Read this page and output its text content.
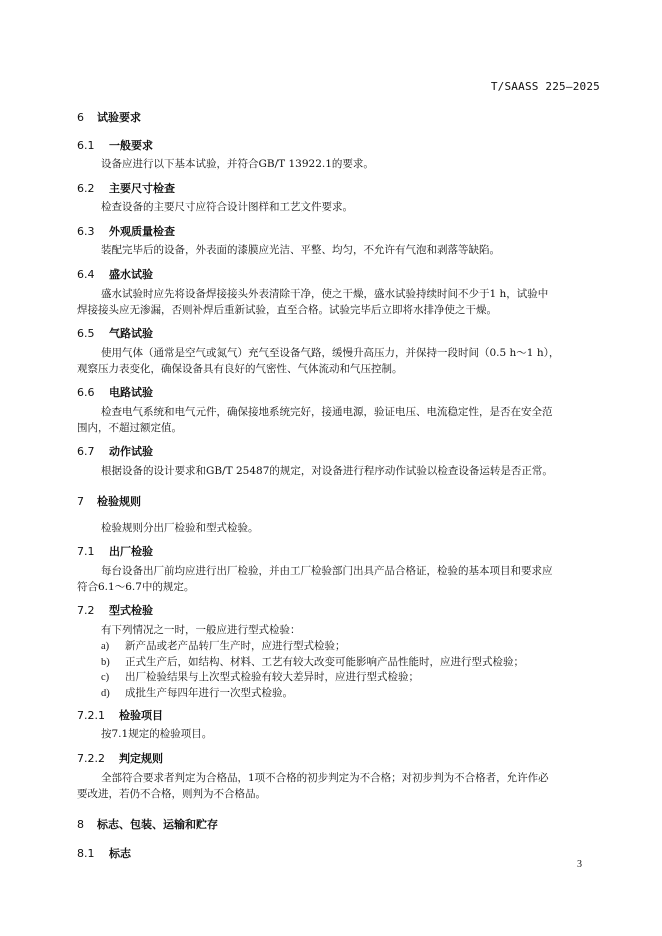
T/SAASS 225—2025
6 试验要求
6.1 一般要求
设备应进行以下基本试验，并符合GB/T 13922.1的要求。
6.2 主要尺寸检查
检查设备的主要尺寸应符合设计图样和工艺文件要求。
6.3 外观质量检查
装配完毕后的设备，外表面的漆膜应光洁、平整、均匀，不允许有气泡和剥落等缺陷。
6.4 盛水试验
盛水试验时应先将设备焊接接头外表清除干净，使之干燥，盛水试验持续时间不少于1 h，试验中
焊接接头应无渗漏，否则补焊后重新试验，直至合格。试验完毕后立即将水排净使之干燥。
6.5 气路试验
使用气体（通常是空气或氮气）充气至设备气路，缓慢升高压力，并保持一段时间（0.5 h～1 h），
观察压力表变化，确保设备具有良好的气密性、气体流动和气压控制。
6.6 电路试验
检查电气系统和电气元件，确保接地系统完好，接通电源，验证电压、电流稳定性，是否在安全范
围内，不超过额定值。
6.7 动作试验
根据设备的设计要求和GB/T 25487的规定，对设备进行程序动作试验以检查设备运转是否正常。
7 检验规则
检验规则分出厂检验和型式检验。
7.1 出厂检验
每台设备出厂前均应进行出厂检验，并由工厂检验部门出具产品合格证，检验的基本项目和要求应
符合6.1～6.7中的规定。
7.2 型式检验
有下列情况之一时，一般应进行型式检验：
a) 新产品或老产品转厂生产时，应进行型式检验；
b) 正式生产后，如结构、材料、工艺有较大改变可能影响产品性能时，应进行型式检验；
c) 出厂检验结果与上次型式检验有较大差异时，应进行型式检验；
d) 成批生产每四年进行一次型式检验。
7.2.1 检验项目
按7.1规定的检验项目。
7.2.2 判定规则
全部符合要求者判定为合格品，1项不合格的初步判定为不合格；对初步判为不合格者，允许作必
要改进，若仍不合格，则判为不合格品。
8 标志、包装、运输和贮存
8.1 标志
3
